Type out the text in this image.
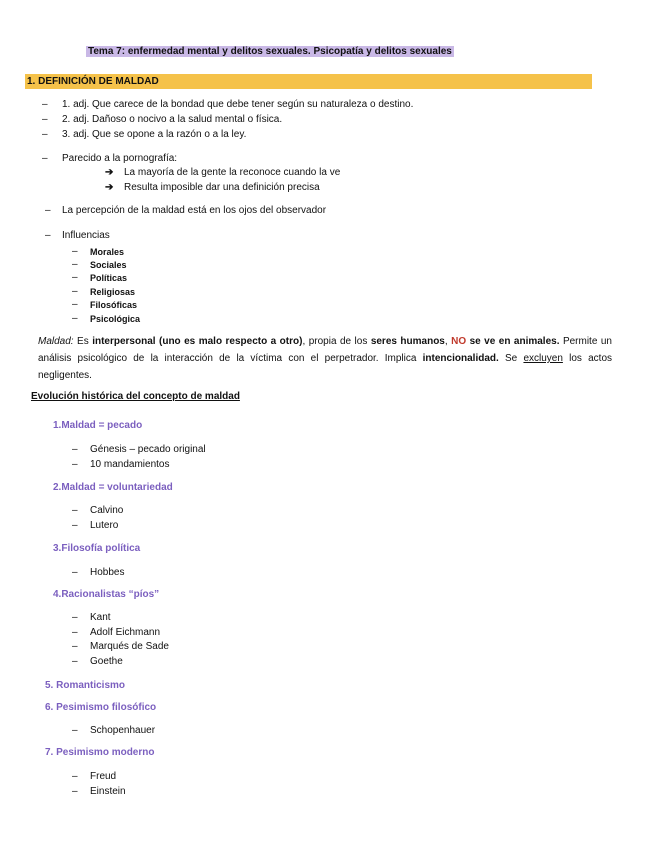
Tema 7: enfermedad mental y delitos sexuales. Psicopatía y delitos sexuales
1. DEFINICIÓN DE MALDAD
– 1. adj. Que carece de la bondad que debe tener según su naturaleza o destino.
– 2. adj. Dañoso o nocivo a la salud mental o física.
– 3. adj. Que se opone a la razón o a la ley.
– Parecido a la pornografía:
➔ La mayoría de la gente la reconoce cuando la ve
➔ Resulta imposible dar una definición precisa
– La percepción de la maldad está en los ojos del observador
– Influencias
– Morales
– Sociales
– Políticas
– Religiosas
– Filosóficas
– Psicológica
Maldad: Es interpersonal (uno es malo respecto a otro), propia de los seres humanos, NO se ve en animales. Permite un análisis psicológico de la interacción de la víctima con el perpetrador. Implica intencionalidad. Se excluyen los actos negligentes.
Evolución histórica del concepto de maldad
1.Maldad = pecado
– Génesis – pecado original
– 10 mandamientos
2.Maldad = voluntariedad
– Calvino
– Lutero
3.Filosofía política
– Hobbes
4.Racionalistas “píos”
– Kant
– Adolf Eichmann
– Marqués de Sade
– Goethe
5. Romanticismo
6. Pesimismo filosófico
– Schopenhauer
7. Pesimismo moderno
– Freud
– Einstein
